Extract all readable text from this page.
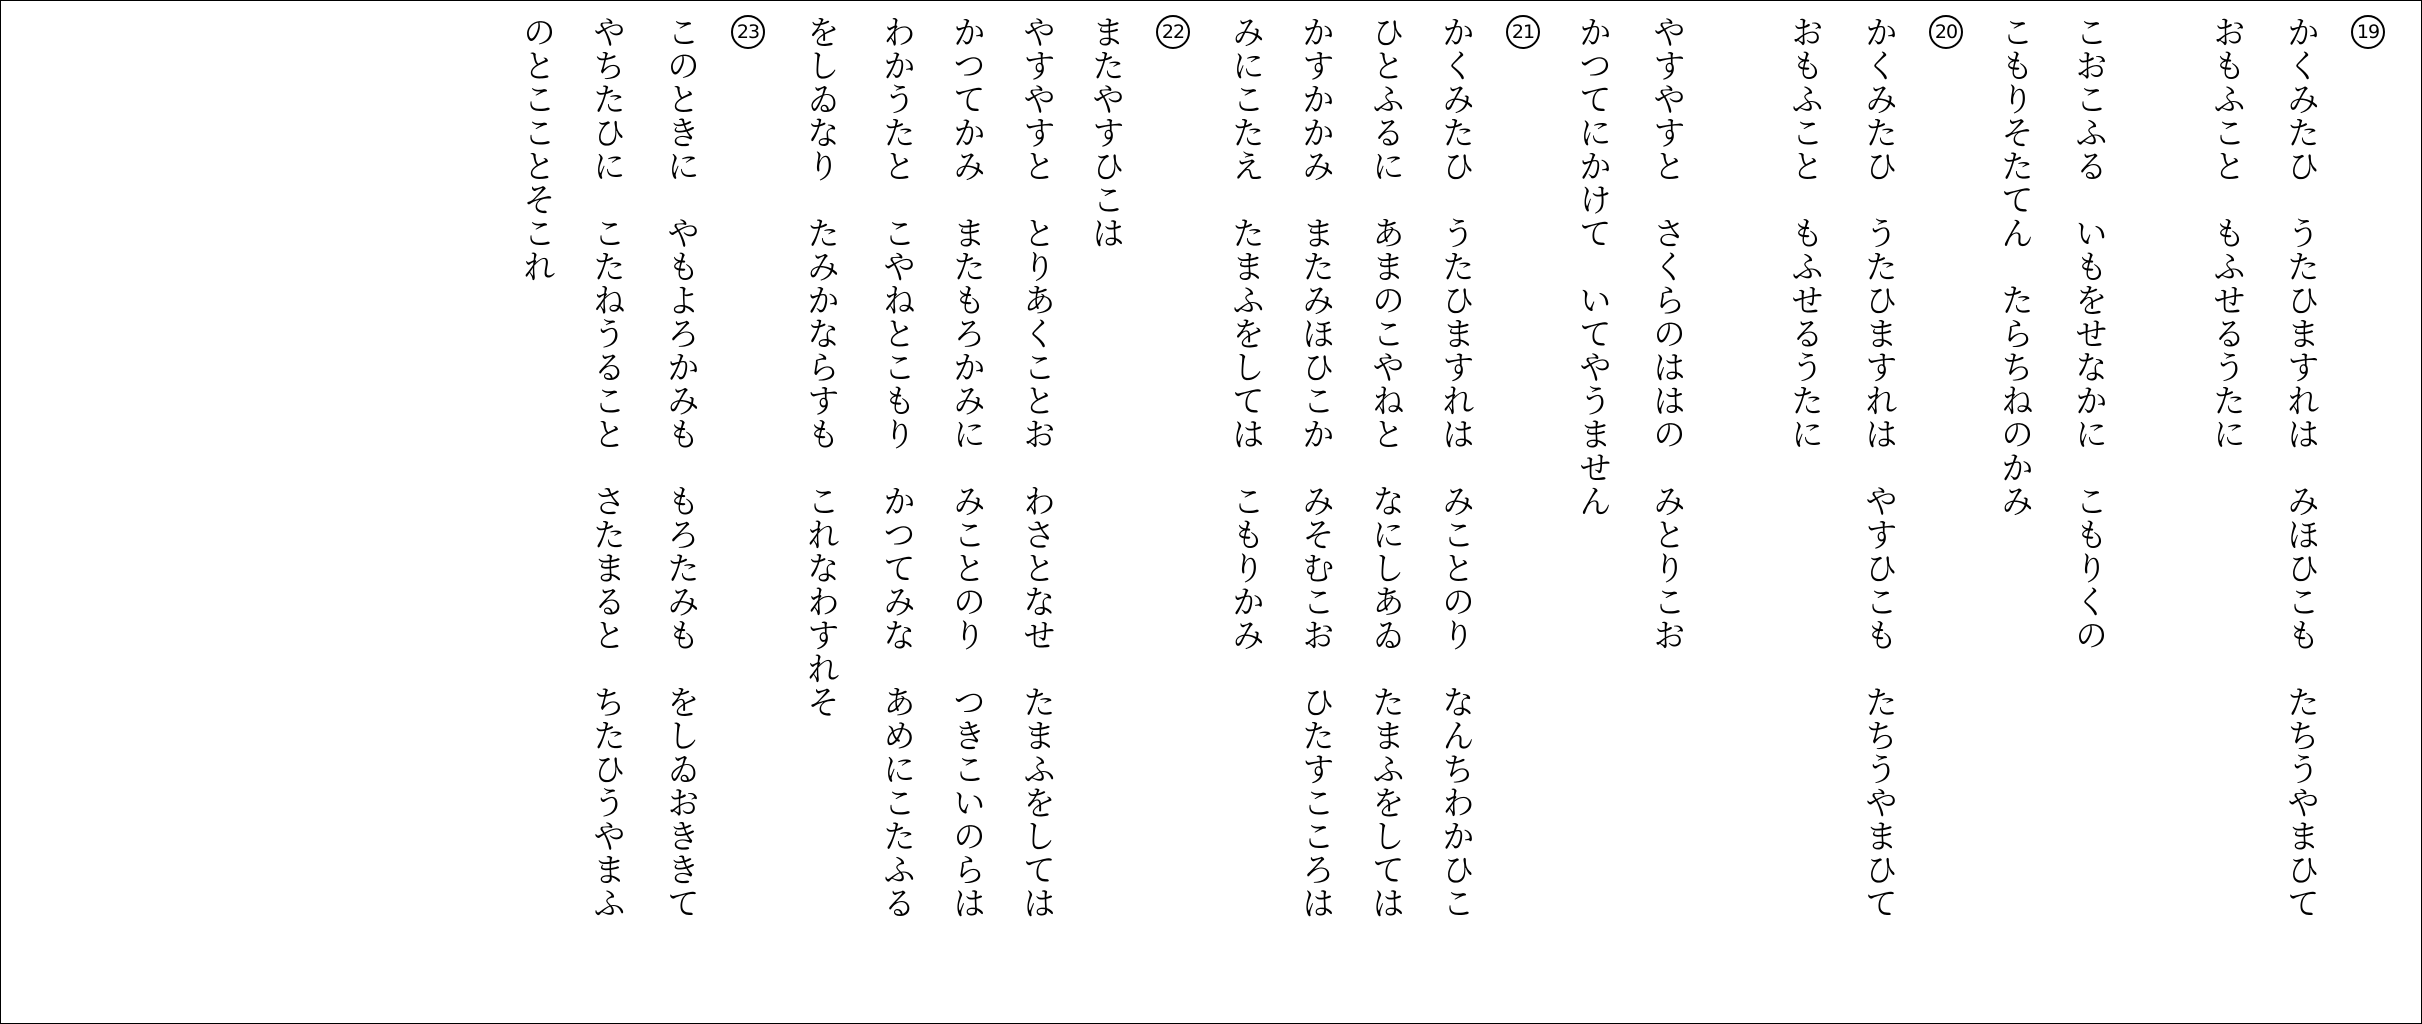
19
かくみたひ　うたひますれは　みほひこも　たちうやまひて
おもふこと　もふせるうたに
こおこふる　いもをせなかに　こもりくの
こもりそたてん　たらちねのかみ
20
かくみたひ　うたひますれは　やすひこも　たちうやまひて
おもふこと　もふせるうたに
やすやすと　さくらのははの　みとりこお
かつてにかけて　いてやうません
21
かくみたひ　うたひますれは　みことのり　なんちわかひこ
ひとふるに　あまのこやねと　なにしあゐ　たまふをしては
かすかかみ　またみほひこか　みそむこお　ひたすこころは
みにこたえ　たまふをしては　こもりかみ
22
またやすひこは
やすやすと　とりあくことお　わさとなせ　たまふをしては
かつてかみ　またもろかみに　みことのり　つきこいのらは
わかうたと　こやねとこもり　かつてみな　あめにこたふる
をしゐなり　たみかならすも　これなわすれそ
23
このときに　やもよろかみも　もろたみも　をしゐおききて
やちたひに　こたねうること　さたまると　ちたひうやまふ
のとこことそこれ
